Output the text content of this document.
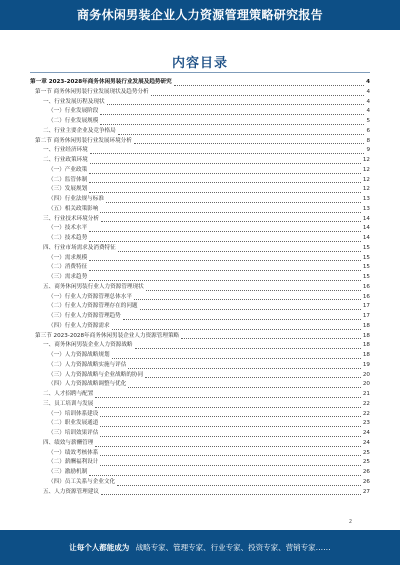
商务休闲男装企业人力资源管理策略研究报告
内容目录
第一章 2023-2028年商务休闲男装行业发展及趋势研究	4
第一节 商务休闲男装行业发展现状及趋势分析	4
一、行业发展历程及现状	4
（一）行业发展阶段	4
（二）行业发展规模	5
二、行业主要企业及竞争格局	6
第二节 商务休闲男装行业发展环境分析	8
一、行业经济环境	9
二、行业政策环境	12
（一）产业政策	12
（二）监管体制	12
（三）发展规划	12
（四）行业法规与标准	13
（五）相关政策影响	13
三、行业技术环境分析	14
（一）技术水平	14
（二）技术趋势	14
四、行业市场需求及消费特征	15
（一）需求规模	15
（二）消费特征	15
（三）需求趋势	15
五、商务休闲男装行业人力资源管理现状	16
（一）行业人力资源管理总体水平	16
（二）行业人力资源管理存在的问题	17
（三）行业人力资源管理趋势	17
（四）行业人力资源需求	18
第三节 2023-2028年商务休闲男装企业人力资源管理策略	18
一、商务休闲男装企业人力资源战略	18
（一）人力资源战略规划	18
（二）人力资源战略实施与评估	19
（三）人力资源战略与企业战略的协同	20
（四）人力资源战略调整与优化	20
二、人才招聘与配置	21
三、员工培训与发展	22
（一）培训体系建设	22
（二）职业发展通道	23
（三）培训效果评估	24
四、绩效与薪酬管理	24
（一）绩效考核体系	25
（二）薪酬福利设计	25
（三）激励机制	26
（四）员工关系与企业文化	26
五、人力资源管理建议	27
2
让每个人都能成为 战略专家、管理专家、行业专家、投资专家、营销专家……
